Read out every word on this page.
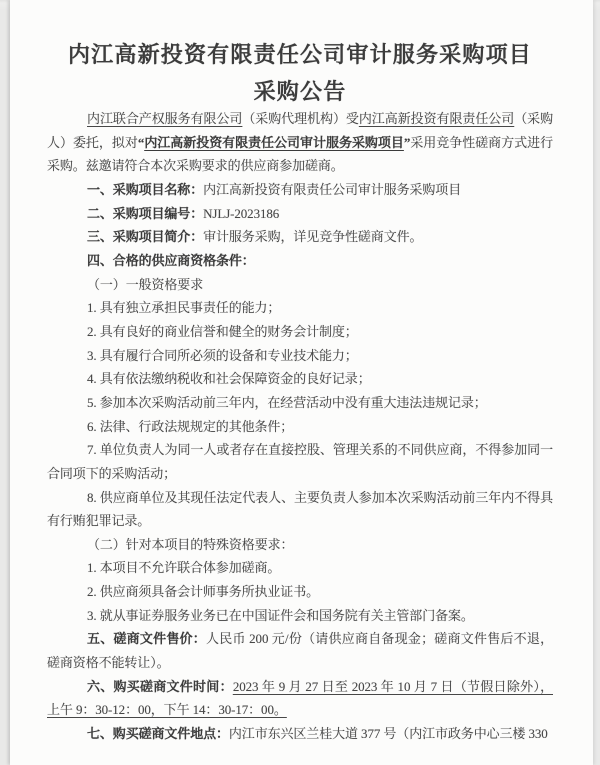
内江高新投资有限责任公司审计服务采购项目
采购公告

内江联合产权服务有限公司（采购代理机构）受内江高新投资有限责任公司（采购人）委托，拟对“内江高新投资有限责任公司审计服务采购项目”采用竞争性磋商方式进行采购。兹邀请符合本次采购要求的供应商参加磋商。

一、采购项目名称：内江高新投资有限责任公司审计服务采购项目

二、采购项目编号：NJLJ-2023186

三、采购项目简介：审计服务采购，详见竞争性磋商文件。

四、合格的供应商资格条件：

（一）一般资格要求

1. 具有独立承担民事责任的能力；

2. 具有良好的商业信誉和健全的财务会计制度；

3. 具有履行合同所必须的设备和专业技术能力；

4. 具有依法缴纳税收和社会保障资金的良好记录；

5. 参加本次采购活动前三年内，在经营活动中没有重大违法违规记录；

6. 法律、行政法规规定的其他条件；

7. 单位负责人为同一人或者存在直接控股、管理关系的不同供应商，不得参加同一合同项下的采购活动；

8. 供应商单位及其现任法定代表人、主要负责人参加本次采购活动前三年内不得具有行贿犯罪记录。

（二）针对本项目的特殊资格要求：

1. 本项目不允许联合体参加磋商。

2. 供应商须具备会计师事务所执业证书。

3. 就从事证券服务业务已在中国证件会和国务院有关主管部门备案。

五、磋商文件售价：人民币 200 元/份（请供应商自备现金；磋商文件售后不退，磋商资格不能转让）。

六、购买磋商文件时间：2023 年 9 月 27 日至 2023 年 10 月 7 日（节假日除外），上午 9：30-12：00，下午 14：30-17：00。

七、购买磋商文件地点：内江市东兴区兰桂大道 377 号（内江市政务中心三楼 330
